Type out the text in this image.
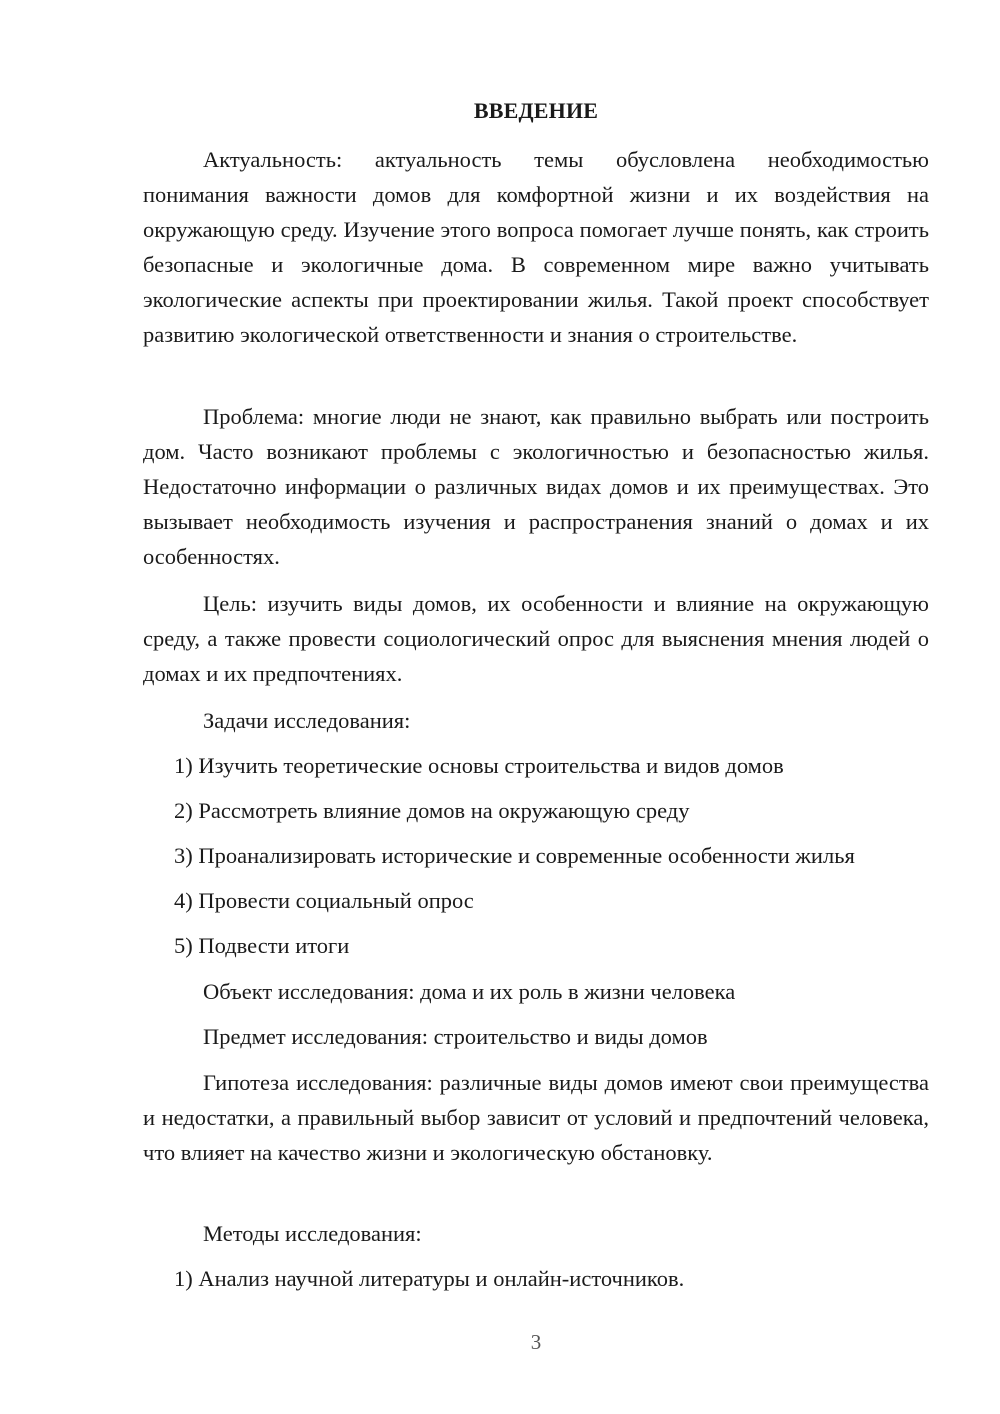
ВВЕДЕНИЕ
Актуальность: актуальность темы обусловлена необходимостью понимания важности домов для комфортной жизни и их воздействия на окружающую среду. Изучение этого вопроса помогает лучше понять, как строить безопасные и экологичные дома. В современном мире важно учитывать экологические аспекты при проектировании жилья. Такой проект способствует развитию экологической ответственности и знания о строительстве.
Проблема: многие люди не знают, как правильно выбрать или построить дом. Часто возникают проблемы с экологичностью и безопасностью жилья. Недостаточно информации о различных видах домов и их преимуществах. Это вызывает необходимость изучения и распространения знаний о домах и их особенностях.
Цель: изучить виды домов, их особенности и влияние на окружающую среду, а также провести социологический опрос для выяснения мнения людей о домах и их предпочтениях.
Задачи исследования:
1) Изучить теоретические основы строительства и видов домов
2) Рассмотреть влияние домов на окружающую среду
3) Проанализировать исторические и современные особенности жилья
4) Провести социальный опрос
5) Подвести итоги
Объект исследования: дома и их роль в жизни человека
Предмет исследования: строительство и виды домов
Гипотеза исследования: различные виды домов имеют свои преимущества и недостатки, а правильный выбор зависит от условий и предпочтений человека, что влияет на качество жизни и экологическую обстановку.
Методы исследования:
1) Анализ научной литературы и онлайн-источников.
3
